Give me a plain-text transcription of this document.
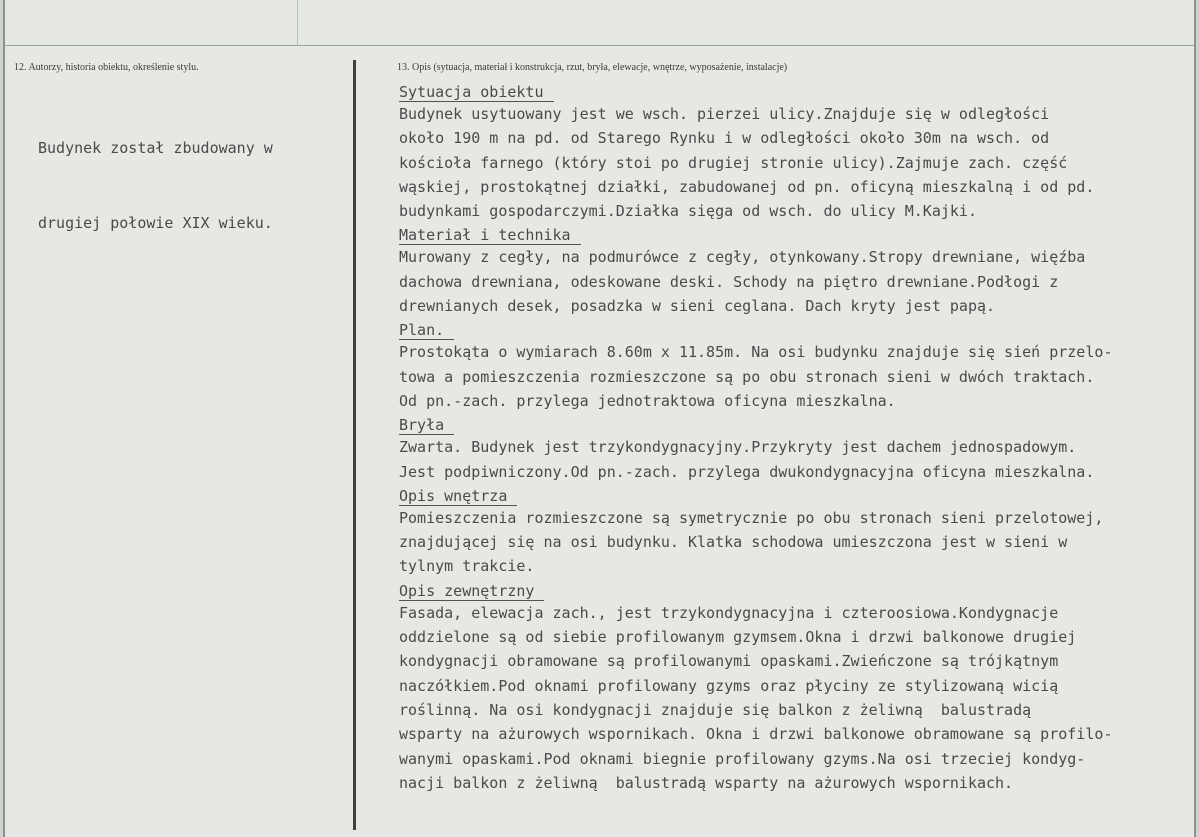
12. Autorzy, historia obiektu, określenie stylu.

Budynek został zbudowany w

drugiej połowie XIX wieku.

13. Opis (sytuacja, materiał i konstrukcja, rzut, bryła, elewacje, wnętrze, wyposażenie, instalacje)
Sytuacja obiektu
Budynek usytuowany jest we wsch. pierzei ulicy.Znajduje się w odległości
około 190 m na pd. od Starego Rynku i w odległości około 30m na wsch. od
kościoła farnego (który stoi po drugiej stronie ulicy).Zajmuje zach. część
wąskiej, prostokątnej działki, zabudowanej od pn. oficyną mieszkalną i od pd.
budynkami gospodarczymi.Działka sięga od wsch. do ulicy M.Kajki.
Materiał i technika
Murowany z cegły, na podmurówce z cegły, otynkowany.Stropy drewniane, więźba
dachowa drewniana, odeskowane deski. Schody na piętro drewniane.Podłogi z
drewnianych desek, posadzka w sieni ceglana. Dach kryty jest papą.
Plan.
Prostokąta o wymiarach 8.60m x 11.85m. Na osi budynku znajduje się sień przelo-
towa a pomieszczenia rozmieszczone są po obu stronach sieni w dwóch traktach.
Od pn.-zach. przylega jednotraktowa oficyna mieszkalna.
Bryła
Zwarta. Budynek jest trzykondygnacyjny.Przykryty jest dachem jednospadowym.
Jest podpiwniczony.Od pn.-zach. przylega dwukondygnacyjna oficyna mieszkalna.
Opis wnętrza
Pomieszczenia rozmieszczone są symetrycznie po obu stronach sieni przelotowej,
znajdującej się na osi budynku. Klatka schodowa umieszczona jest w sieni w
tylnym trakcie.
Opis zewnętrzny
Fasada, elewacja zach., jest trzykondygnacyjna i czteroosiowa.Kondygnacje
oddzielone są od siebie profilowanym gzymsem.Okna i drzwi balkonowe drugiej
kondygnacji obramowane są profilowanymi opaskami.Zwieńczone są trójkątnym
naczółkiem.Pod oknami profilowany gzyms oraz płyciny ze stylizowaną wicią
roślinną. Na osi kondygnacji znajduje się balkon z żeliwną  balustradą
wsparty na ażurowych wspornikach. Okna i drzwi balkonowe obramowane są profilo-
wanymi opaskami.Pod oknami biegnie profilowany gzyms.Na osi trzeciej kondyg-
nacji balkon z żeliwną  balustradą wsparty na ażurowych wspornikach.
